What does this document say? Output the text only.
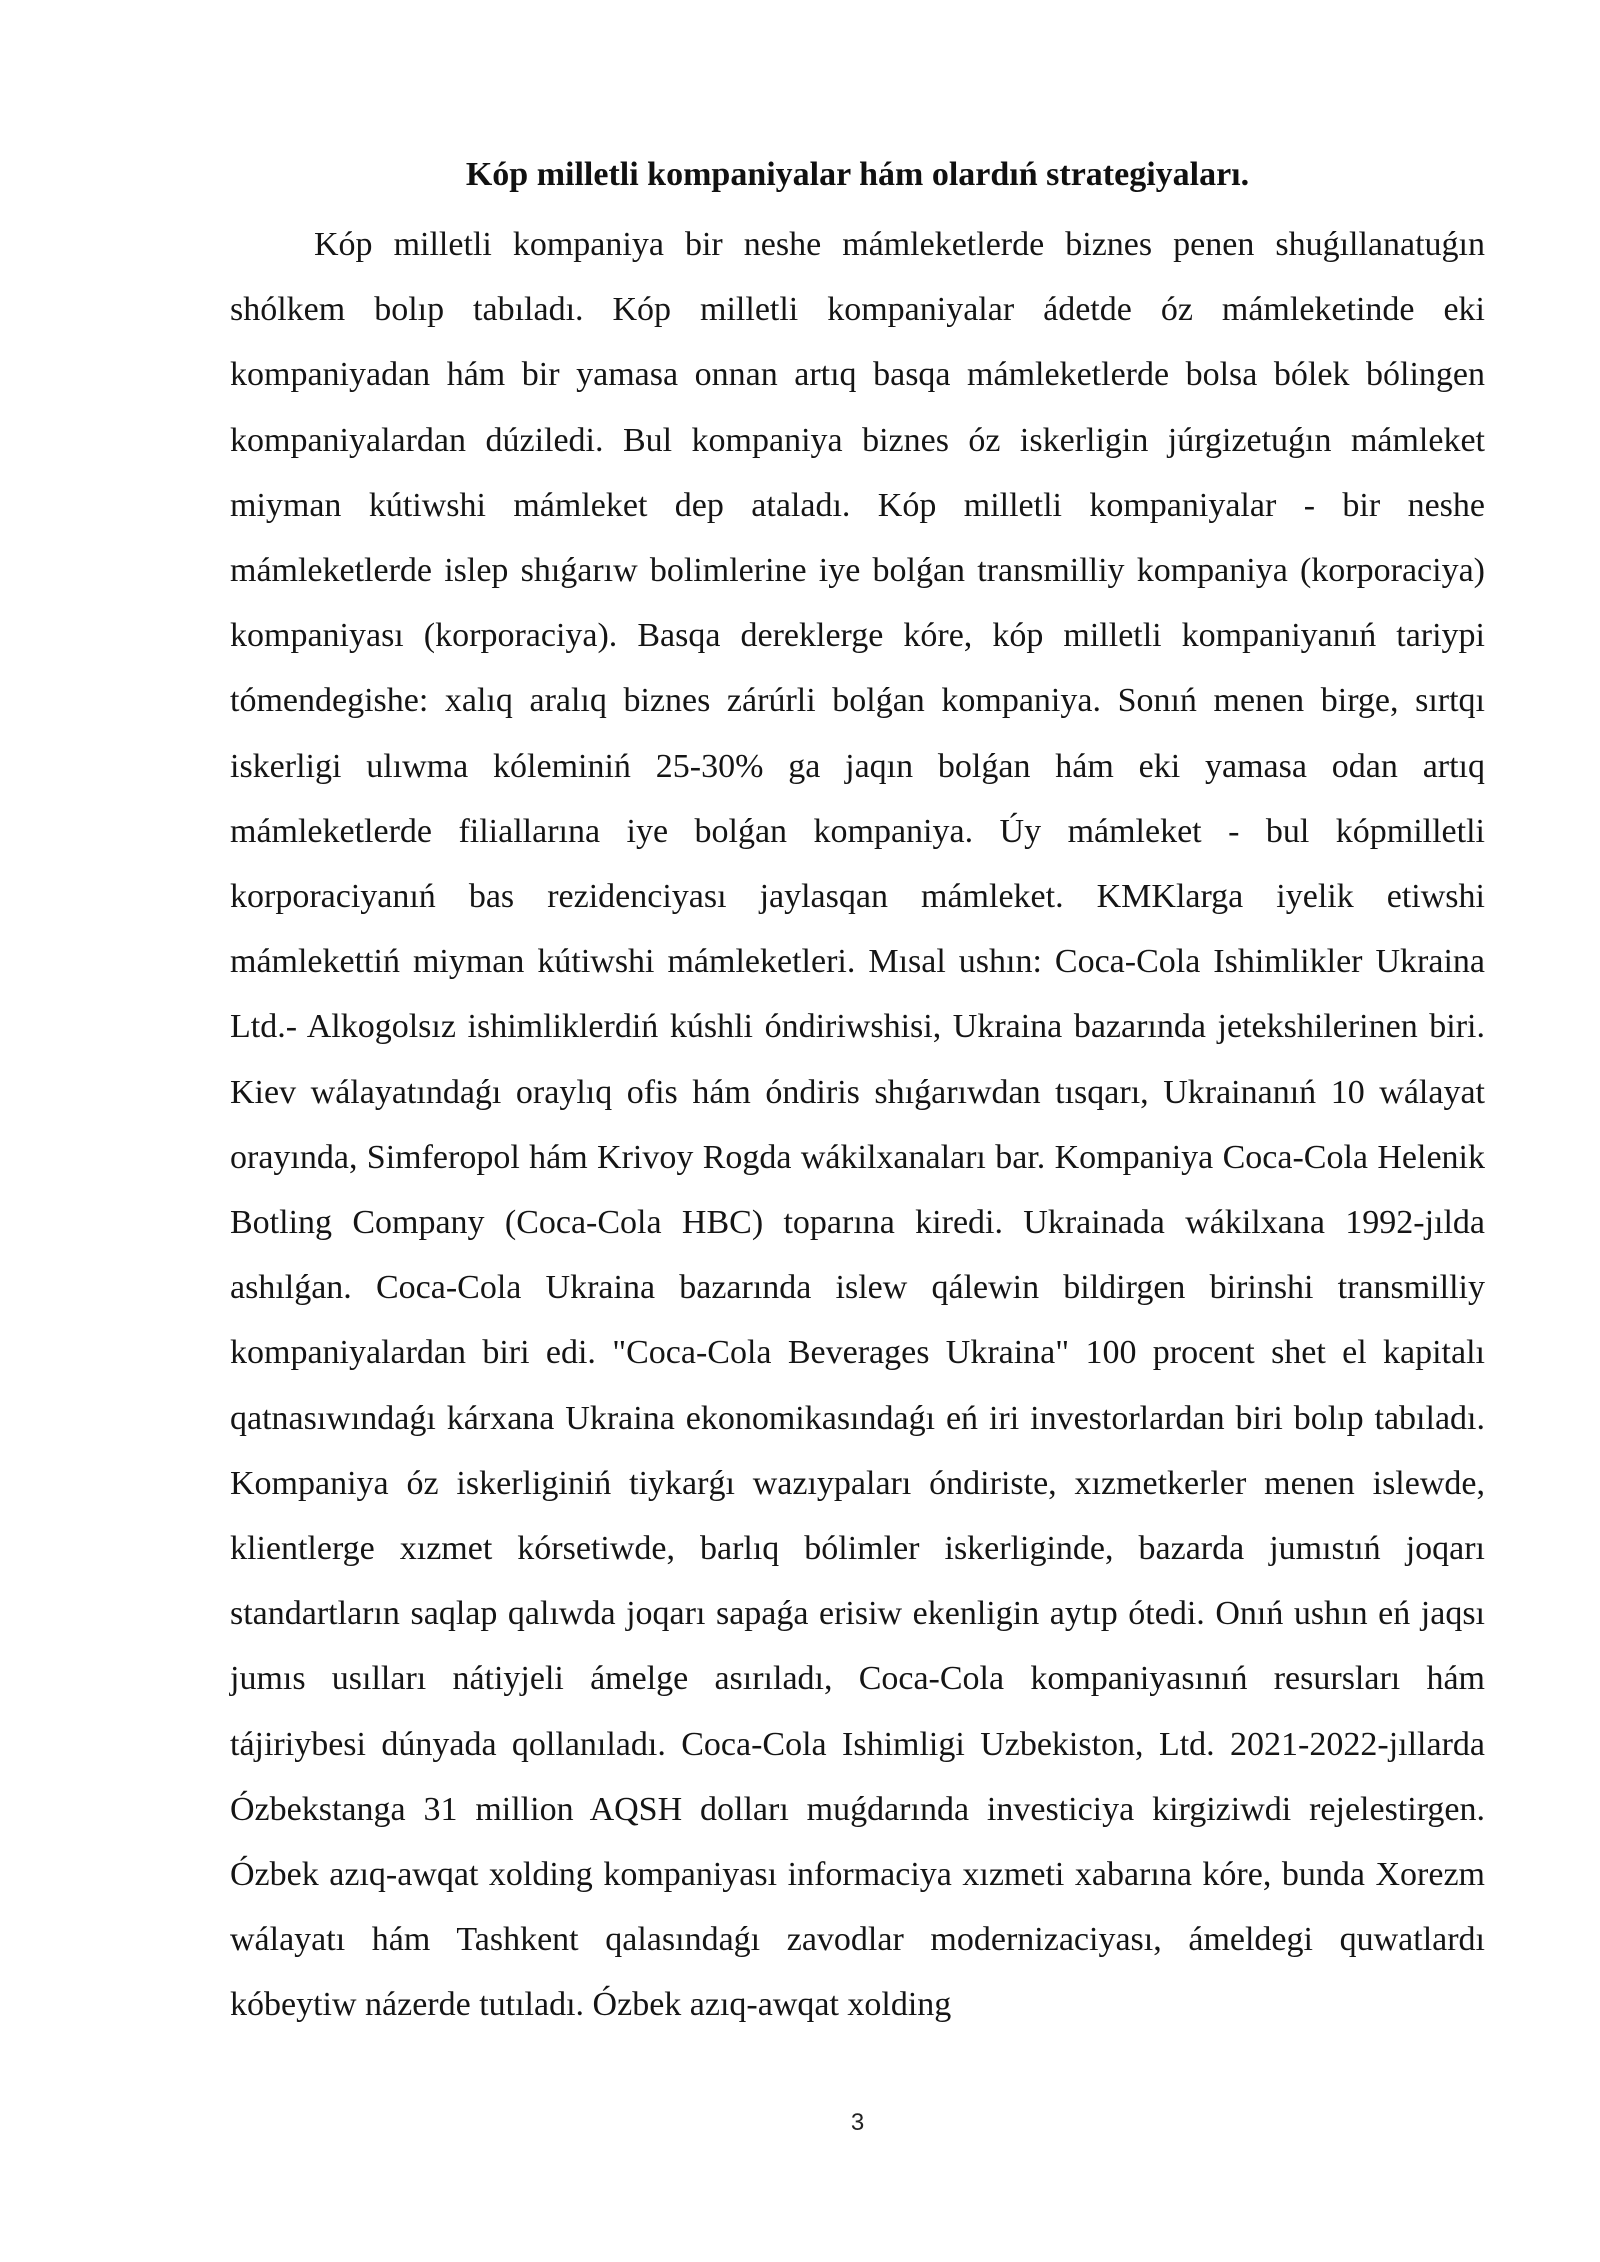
Kóp milletli kompaniyalar hám olardıń strategiyaları.

Kóp milletli kompaniya bir neshe mámleketlerde biznes penen shuǵıllanatuǵın shólkem bolıp tabıladı. Kóp milletli kompaniyalar ádetde óz mámleketinde eki kompaniyadan hám bir yamasa onnan artıq basqa mámleketlerde bolsa bólek bólingen kompaniyalardan dúziledi. Bul kompaniya biznes óz iskerligin júrgizetuǵın mámleket miyman kútiwshi mámleket dep ataladı. Kóp milletli kompaniyalar - bir neshe mámleketlerde islep shıǵarıw bolimlerine iye bolǵan transmilliy kompaniya (korporaciya) kompaniyası (korporaciya). Basqa dereklerge kóre, kóp milletli kompaniyanıń tariypi tómendegishe: xalıq aralıq biznes zárúrli bolǵan kompaniya. Sonıń menen birge, sırtqı iskerligi ulıwma kóleminiń 25-30% ga jaqın bolǵan hám eki yamasa odan artıq mámleketlerde filiallarına iye bolǵan kompaniya. Úy mámleket - bul kópmilletli korporaciyanıń bas rezidenciyası jaylasqan mámleket. KMKlarga iyelik etiwshi mámlekettiń miyman kútiwshi mámleketleri. Mısal ushın: Coca-Cola Ishimlikler Ukraina Ltd.- Alkogolsız ishimliklerdiń kúshli óndiriwshisi, Ukraina bazarında jetekshilerinen biri. Kiev wálayatındaǵı oraylıq ofis hám óndiris shıǵarıwdan tısqarı, Ukrainanıń 10 wálayat orayında, Simferopol hám Krivoy Rogda wákilxanaları bar. Kompaniya Coca-Cola Helenik Botling Company (Coca-Cola HBC) toparına kiredi. Ukrainada wákilxana 1992-jılda ashılǵan. Coca-Cola Ukraina bazarında islew qálewin bildirgen birinshi transmilliy kompaniyalardan biri edi. "Coca-Cola Beverages Ukraina" 100 procent shet el kapitalı qatnasıwındaǵı kárxana Ukraina ekonomikasındaǵı eń iri investorlardan biri bolıp tabıladı. Kompaniya óz iskerliginiń tiykarǵı wazıypaları óndiriste, xızmetkerler menen islewde, klientlerge xızmet kórsetiwde, barlıq bólimler iskerliginde, bazarda jumıstıń joqarı standartların saqlap qalıwda joqarı sapaǵa erisiw ekenligin aytıp ótedi. Onıń ushın eń jaqsı jumıs usılları nátiyjeli ámelge asırıladı, Coca-Cola kompaniyasınıń resursları hám tájiriybesi dúnyada qollanıladı. Coca-Cola Ishimligi Uzbekiston, Ltd. 2021-2022-jıllarda Ózbekstanga 31 million AQSH dolları muǵdarında investiciya kirgiziwdi rejelestirgen. Ózbek azıq-awqat xolding kompaniyası informaciya xızmeti xabarına kóre, bunda Xorezm wálayatı hám Tashkent qalasındaǵı zavodlar modernizaciyası, ámeldegi quwatlardı kóbeytiw názerde tutıladı. Ózbek azıq-awqat xolding

3
